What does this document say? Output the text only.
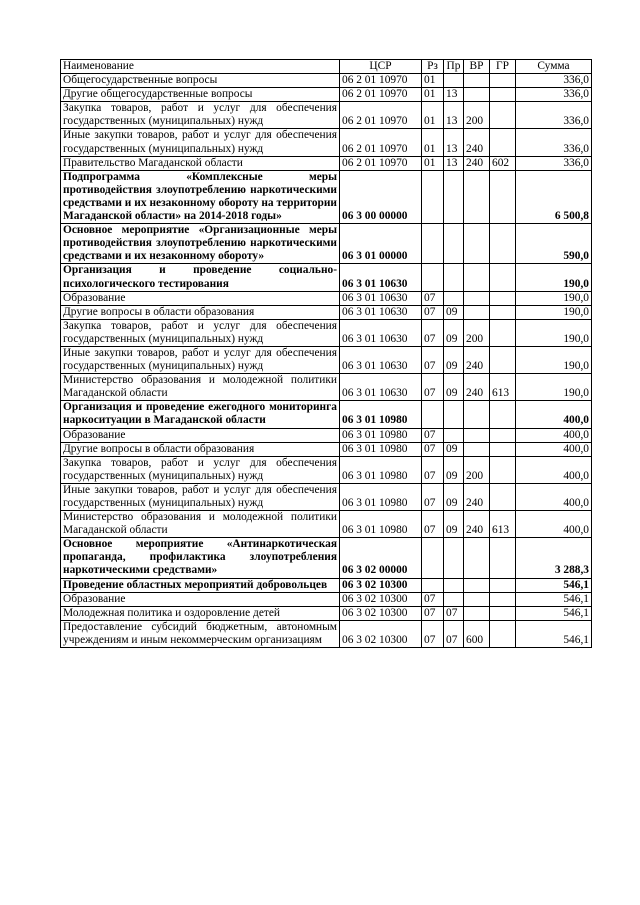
Наименование	ЦСР	Рз	Пр	ВР	ГР	Сумма
Общегосударственные вопросы	06 2 01 10970	01				336,0
Другие общегосударственные вопросы	06 2 01 10970	01	13			336,0
Закупка товаров, работ и услуг для обеспечения государственных (муниципальных) нужд	06 2 01 10970	01	13	200		336,0
Иные закупки товаров, работ и услуг для обеспечения государственных (муниципальных) нужд	06 2 01 10970	01	13	240		336,0
Правительство Магаданской области	06 2 01 10970	01	13	240	602	336,0
Подпрограмма «Комплексные меры противодействия злоупотреблению наркотическими средствами и их незаконному обороту на территории Магаданской области» на 2014-2018 годы»	06 3 00 00000					6 500,8
Основное мероприятие «Организационные меры противодействия злоупотреблению наркотическими средствами и их незаконному обороту»	06 3 01 00000					590,0
Организация и проведение социально-психологического тестирования	06 3 01 10630					190,0
Образование	06 3 01 10630	07				190,0
Другие вопросы в области образования	06 3 01 10630	07	09			190,0
Закупка товаров, работ и услуг для обеспечения государственных (муниципальных) нужд	06 3 01 10630	07	09	200		190,0
Иные закупки товаров, работ и услуг для обеспечения государственных (муниципальных) нужд	06 3 01 10630	07	09	240		190,0
Министерство образования и молодежной политики Магаданской области	06 3 01 10630	07	09	240	613	190,0
Организация и проведение ежегодного мониторинга наркоситуации в Магаданской области	06 3 01 10980					400,0
Образование	06 3 01 10980	07				400,0
Другие вопросы в области образования	06 3 01 10980	07	09			400,0
Закупка товаров, работ и услуг для обеспечения государственных (муниципальных) нужд	06 3 01 10980	07	09	200		400,0
Иные закупки товаров, работ и услуг для обеспечения государственных (муниципальных) нужд	06 3 01 10980	07	09	240		400,0
Министерство образования и молодежной политики Магаданской области	06 3 01 10980	07	09	240	613	400,0
Основное мероприятие «Антинаркотическая пропаганда, профилактика злоупотребления наркотическими средствами»	06 3 02 00000					3 288,3
Проведение областных мероприятий добровольцев	06 3 02 10300					546,1
Образование	06 3 02 10300	07				546,1
Молодежная политика и оздоровление детей	06 3 02 10300	07	07			546,1
Предоставление субсидий бюджетным, автономным учреждениям и иным некоммерческим организациям	06 3 02 10300	07	07	600		546,1
